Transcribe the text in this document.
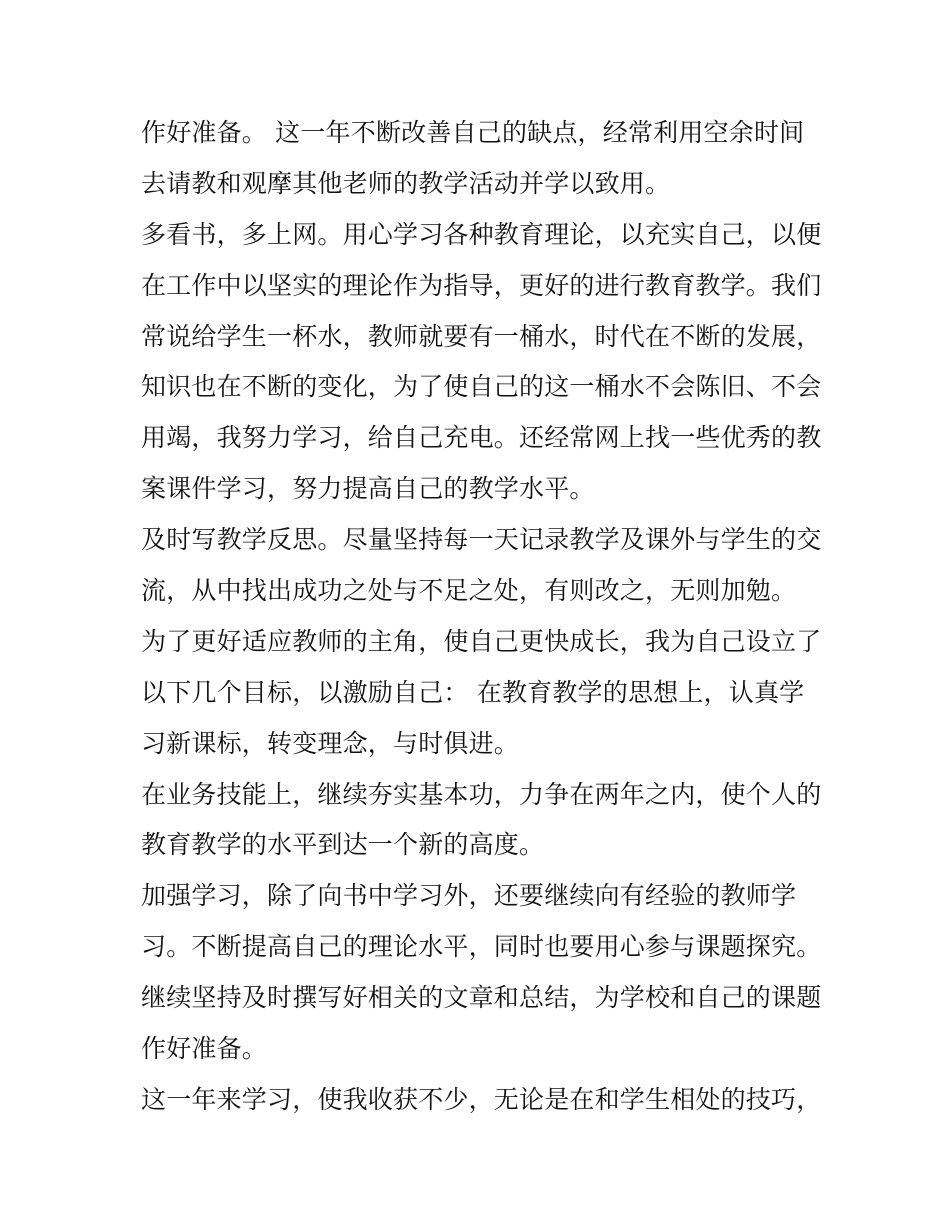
作好准备。 这一年不断改善自己的缺点，经常利用空余时间
去请教和观摩其他老师的教学活动并学以致用。
多看书，多上网。用心学习各种教育理论，以充实自己，以便
在工作中以坚实的理论作为指导，更好的进行教育教学。我们
常说给学生一杯水，教师就要有一桶水，时代在不断的发展，
知识也在不断的变化，为了使自己的这一桶水不会陈旧、不会
用竭，我努力学习，给自己充电。还经常网上找一些优秀的教
案课件学习，努力提高自己的教学水平。
及时写教学反思。尽量坚持每一天记录教学及课外与学生的交
流，从中找出成功之处与不足之处，有则改之，无则加勉。
为了更好适应教师的主角，使自己更快成长，我为自己设立了
以下几个目标，以激励自己： 在教育教学的思想上，认真学
习新课标，转变理念，与时俱进。
在业务技能上，继续夯实基本功，力争在两年之内，使个人的
教育教学的水平到达一个新的高度。
加强学习，除了向书中学习外，还要继续向有经验的教师学
习。不断提高自己的理论水平，同时也要用心参与课题探究。
继续坚持及时撰写好相关的文章和总结，为学校和自己的课题
作好准备。
这一年来学习，使我收获不少，无论是在和学生相处的技巧，
